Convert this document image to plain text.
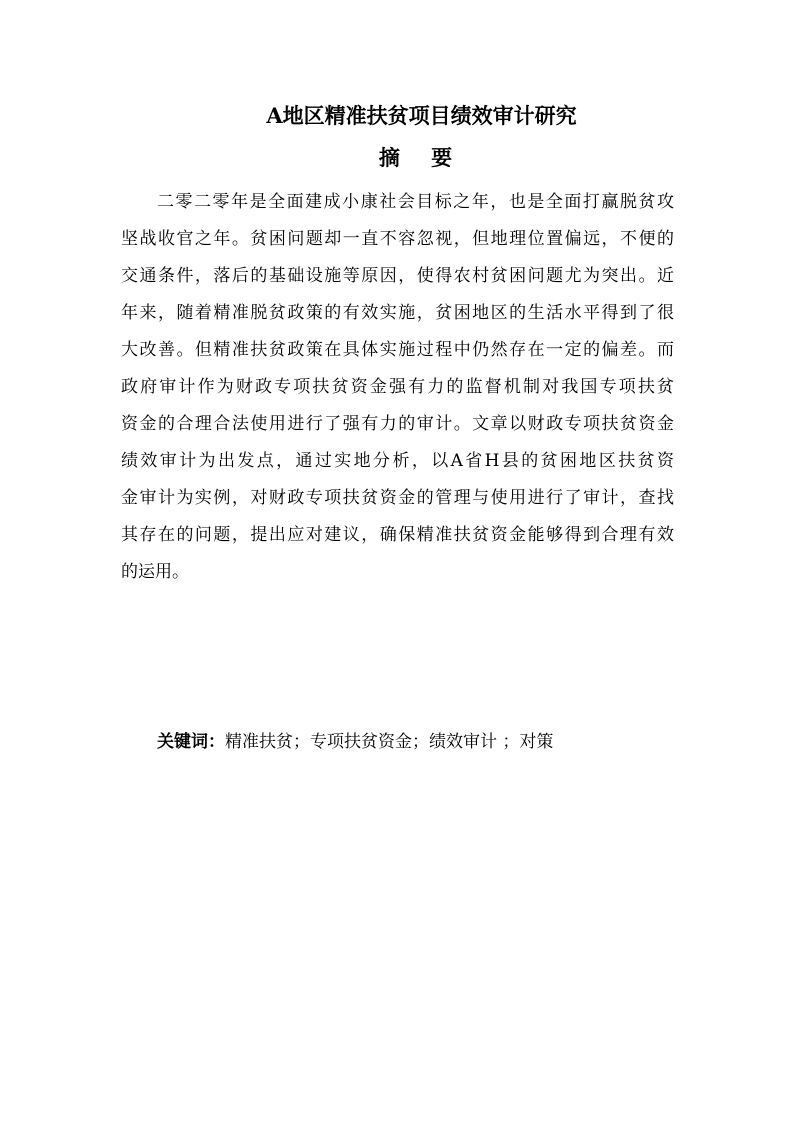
A地区精准扶贫项目绩效审计研究
摘 要
二零二零年是全面建成小康社会目标之年，也是全面打赢脱贫攻
坚战收官之年。贫困问题却一直不容忽视，但地理位置偏远，不便的
交通条件，落后的基础设施等原因，使得农村贫困问题尤为突出。近
年来，随着精准脱贫政策的有效实施，贫困地区的生活水平得到了很
大改善。但精准扶贫政策在具体实施过程中仍然存在一定的偏差。而
政府审计作为财政专项扶贫资金强有力的监督机制对我国专项扶贫
资金的合理合法使用进行了强有力的审计。文章以财政专项扶贫资金
绩效审计为出发点，通过实地分析，以A省H县的贫困地区扶贫资
金审计为实例，对财政专项扶贫资金的管理与使用进行了审计，查找
其存在的问题，提出应对建议，确保精准扶贫资金能够得到合理有效
的运用。

关键词：精准扶贫；专项扶贫资金；绩效审计 ；对策
